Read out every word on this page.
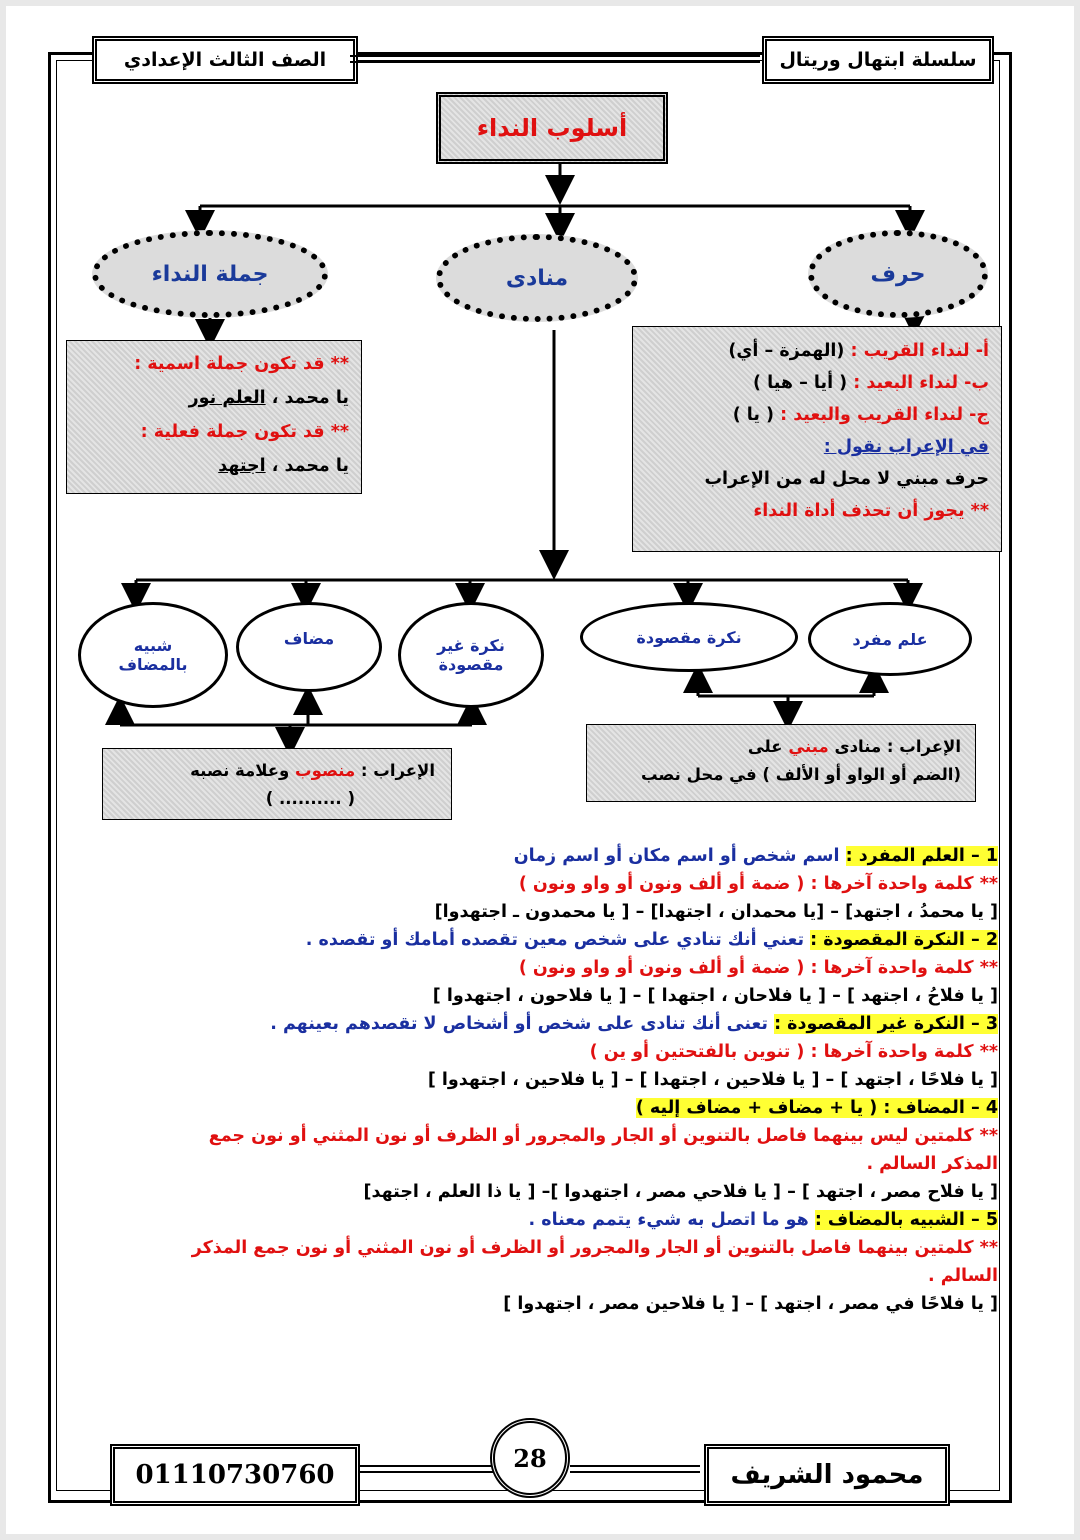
سلسلة ابتهال وريتال
الصف الثالث الإعدادي
أسلوب النداء
جملة النداء	منادى	حرف
أ- لنداء القريب : (الهمزة – أي)
ب- لنداء البعيد : ( أيا – هيا )
ج- لنداء القريب والبعيد : ( يا )
في الإعراب نقول :
حرف مبني لا محل له من الإعراب
** يجوز أن تحذف أداة النداء
** قد تكون جملة اسمية :
يا محمد ، العلم نور
** قد تكون جملة فعلية :
يا محمد ، اجتهد
علم مفرد
نكرة مقصودة
نكرة غير مقصودة
مضاف
شبيه بالمضاف
الإعراب : منصوب وعلامة نصبه
( .......... )
الإعراب : منادى مبني على
(الضم أو الواو أو الألف ) في محل نصب
1 – العلم المفرد : اسم شخص أو اسم مكان أو اسم زمان
** كلمة واحدة آخرها : ( ضمة أو ألف ونون أو واو ونون )
[ يا محمدُ ، اجتهد] – [يا محمدان ، اجتهدا] – [ يا محمدون ـ اجتهدوا]
2 – النكرة المقصودة : تعني أنك تنادي على شخص معين تقصده أمامك أو تقصده .
** كلمة واحدة آخرها : ( ضمة أو ألف ونون أو واو ونون )
[ يا فلاحُ ، اجتهد ] – [ يا فلاحان ، اجتهدا ] – [ يا فلاحون ، اجتهدوا ]
3 – النكرة غير المقصودة : تعنى أنك تنادى على شخص أو أشخاص لا تقصدهم بعينهم .
** كلمة واحدة آخرها : ( تنوين بالفتحتين أو ين )
[ يا فلاحًا ، اجتهد ] – [ يا فلاحين ، اجتهدا ] – [ يا فلاحين ، اجتهدوا ]
4 – المضاف : ( يا + مضاف + مضاف إليه )
** كلمتين ليس بينهما فاصل بالتنوين أو الجار والمجرور أو الظرف أو نون المثني أو نون جمع
المذكر السالم .
[ يا فلاح مصر ، اجتهد ] – [ يا فلاحي مصر ، اجتهدوا ]– [ يا ذا العلم ، اجتهد]
5 – الشبيه بالمضاف : هو ما اتصل به شيء يتمم معناه .
** كلمتين بينهما فاصل بالتنوين أو الجار والمجرور أو الظرف أو نون المثني أو نون جمع المذكر
السالم .
[ يا فلاحًا في مصر ، اجتهد ] – [ يا فلاحين مصر ، اجتهدوا ]
محمود الشريف
28
01110730760
